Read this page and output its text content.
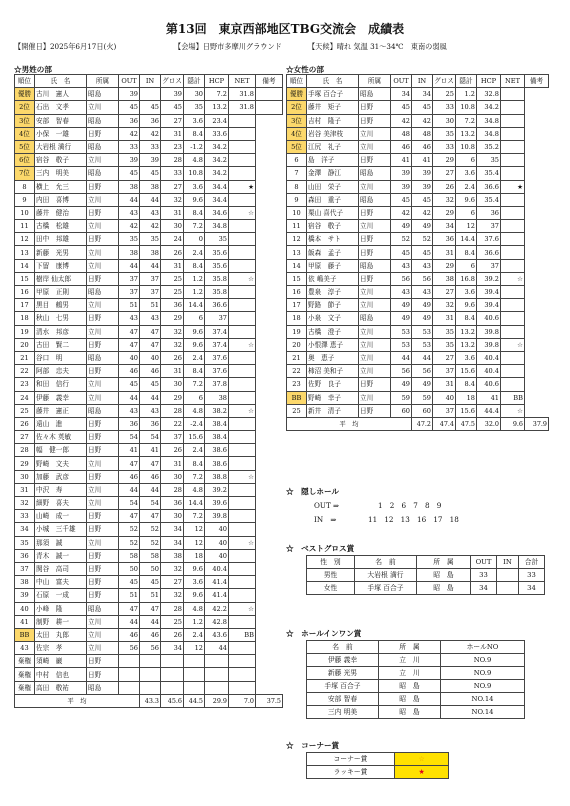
第13回　東京西部地区TBG交流会　成績表
【開催日】2025年6月17日(火)	【会場】日野市多摩川グラウンド	【天候】晴れ 気温 31～34℃　東南の弱風
☆男姓の部	☆女性の部
順位	氏　名	所属	OUT	IN	グロス	隠計	HCP	NET	備考
優勝	古川　憲人	昭島	39		39	30	7.2	31.8	
2位	石出　文孝	立川	45	45	45	35	13.2	31.8	
3位	安部　智春	昭島	36	36	27	3.6	23.4		
4位	小保　一雄	日野	42	42	31	8.4	33.6		
5位	大岩根 満行	昭島	33	33	23	-1.2	34.2		
6位	宿谷　敬子	立川	39	39	28	4.8	34.2		
7位	三内　明美	昭島	45	45	33	10.8	34.2		
8	横上　允三	日野	38	38	27	3.6	34.4	★	
9	内田　喜博	立川	44	44	32	9.6	34.4		
10	藤井　健治	日野	43	43	31	8.4	34.6	☆	
11	古橋　松雄	立川	42	42	30	7.2	34.8		
12	田中　邦雄	日野	35	35	24	0	35		
13	新藤　光男	立川	38	38	26	2.4	35.6		
14	下留　康博	立川	44	44	31	8.4	35.6		
15	樹岸 仙太郎	日野	37	37	25	1.2	35.8	☆	
16	甲原　正則	昭島	37	37	25	1.2	35.8		
17	黒目　鶴男	立川	51	51	36	14.4	36.6		
18	秋山　七男	日野	43	43	29	6	37		
19	清水　邦彦	立川	47	47	32	9.6	37.4		
20	古田　賢二	日野	47	47	32	9.6	37.4	☆	
21	谷口　明	昭島	40	40	26	2.4	37.6		
22	阿部　忠夫	日野	46	46	31	8.4	37.6		
23	和田　信行	立川	45	45	30	7.2	37.8		
24	伊藤　義幸	立川	44	44	29	6	38		
25	藤井　憲正	昭島	43	43	28	4.8	38.2	☆	
26	遠山　進	日野	36	36	22	-2.4	38.4		
27	佐々木 英敏	日野	54	54	37	15.6	38.4		
28	幅　健一郎	日野	41	41	26	2.4	38.6		
29	野崎　文夫	立川	47	47	31	8.4	38.6		
30	加藤　武彦	日野	46	46	30	7.2	38.8	☆	
31	中沢　寿	立川	44	44	28	4.8	39.2		
32	細野　喜夫	立川	54	54	36	14.4	39.6		
33	山崎　成一	日野	47	47	30	7.2	39.8		
34	小城　三千雄	日野	52	52	34	12	40		
35	那須　誠	立川	52	52	34	12	40	☆	
36	青木　誠一	日野	58	58	38	18	40		
37	関谷　高司	日野	50	50	32	9.6	40.4		
38	中山　富夫	日野	45	45	27	3.6	41.4		
39	石原　一成	日野	51	51	32	9.6	41.4		
40	小峰　隆	昭島	47	47	28	4.8	42.2	☆	
41	制野　耕一	立川	44	44	25	1.2	42.8		
BB	太田　丸郎	立川	46	46	26	2.4	43.6	BB	
43	佐宗　孝	立川	56	56	34	12	44		
棄権	須崎　巌	日野							
棄権	中村　信也	日野							
棄権	高田　敬祐	昭島							
平　均				43.3	45.6	44.5	29.9	7.0	37.5
順位	氏　名	所属	OUT	IN	グロス	隠計	HCP	NET	備考
優勝	手塚 百合子	昭島	34	34	25	1.2	32.8		
2位	藤井　矩子	日野	45	45	33	10.8	34.2		
3位	吉村　隆子	日野	42	42	30	7.2	34.8		
4位	岩谷 美津枝	立川	48	48	35	13.2	34.8		
5位	江尻　礼子	立川	46	46	33	10.8	35.2		
6	島　洋子	日野	41	41	29	6	35		
7	金澤　静江	昭島	39	39	27	3.6	35.4		
8	山田　栄子	立川	39	39	26	2.4	36.6	★	
9	森田　重子	昭島	45	45	32	9.6	35.4		
10	栗山 喜代子	日野	42	42	29	6	36		
11	宿谷　敬子	立川	49	49	34	12	37		
12	橋本　サト	日野	52	52	36	14.4	37.6		
13	飯森　孟子	日野	45	45	31	8.4	36.6		
14	甲原　藤子	昭島	43	43	29	6	37		
15	依 嶋美子	日野	56	56	38	16.8	39.2	☆	
16	豊泉　淳子	立川	43	43	27	3.6	39.4		
17	野路　節子	立川	49	49	32	9.6	39.4		
18	小泉　文子	昭島	49	49	31	8.4	40.6		
19	古橋　澄子	立川	53	53	35	13.2	39.8		
20	小恨澤 恵子	立川	53	53	35	13.2	39.8	☆	
21	奥　恵子	立川	44	44	27	3.6	40.4		
22	柿沼 美和子	立川	56	56	37	15.6	40.4		
23	佐野　良子	日野	49	49	31	8.4	40.6		
BB	野崎　幸子	立川	59	59	40	18	41	BB	
25	新井　清子	日野	60	60	37	15.6	44.4	☆	
平　均				47.2	47.4	47.5	32.0	9.6	37.9
☆　隠しホール
OUT ⇒	1　2　6　7　8　9
IN　⇒	11　12　13　16　17　18
☆　ベストグロス賞
性　別	名　前	所　属	OUT	IN	合計
男性	大岩根 満行	昭　島	33		33
女性	手塚 百合子	昭　島	34		34
☆　ホールインワン賞
名　前	所　属	ホールNO
伊藤 義幸	立　川	NO.9
新藤 光男	立　川	NO.9
手塚 百合子	昭　島	NO.9
安部 智春	昭　島	NO.14
三内 明美	昭　島	NO.14
☆　コーナー賞
コーナー賞	☆
ラッキー賞	★
